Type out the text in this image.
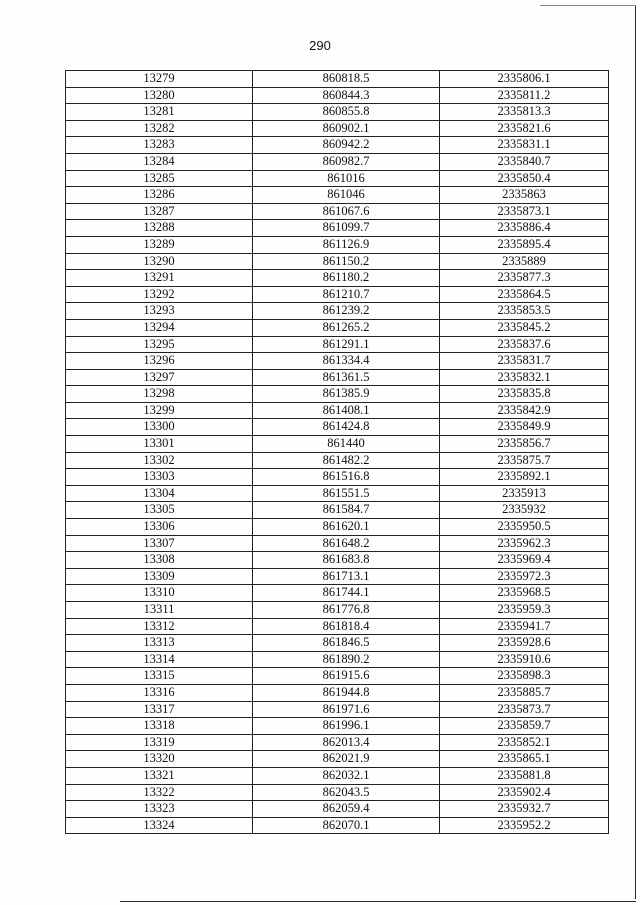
290
13279	860818.5	2335806.1
13280	860844.3	2335811.2
13281	860855.8	2335813.3
13282	860902.1	2335821.6
13283	860942.2	2335831.1
13284	860982.7	2335840.7
13285	861016	2335850.4
13286	861046	2335863
13287	861067.6	2335873.1
13288	861099.7	2335886.4
13289	861126.9	2335895.4
13290	861150.2	2335889
13291	861180.2	2335877.3
13292	861210.7	2335864.5
13293	861239.2	2335853.5
13294	861265.2	2335845.2
13295	861291.1	2335837.6
13296	861334.4	2335831.7
13297	861361.5	2335832.1
13298	861385.9	2335835.8
13299	861408.1	2335842.9
13300	861424.8	2335849.9
13301	861440	2335856.7
13302	861482.2	2335875.7
13303	861516.8	2335892.1
13304	861551.5	2335913
13305	861584.7	2335932
13306	861620.1	2335950.5
13307	861648.2	2335962.3
13308	861683.8	2335969.4
13309	861713.1	2335972.3
13310	861744.1	2335968.5
13311	861776.8	2335959.3
13312	861818.4	2335941.7
13313	861846.5	2335928.6
13314	861890.2	2335910.6
13315	861915.6	2335898.3
13316	861944.8	2335885.7
13317	861971.6	2335873.7
13318	861996.1	2335859.7
13319	862013.4	2335852.1
13320	862021.9	2335865.1
13321	862032.1	2335881.8
13322	862043.5	2335902.4
13323	862059.4	2335932.7
13324	862070.1	2335952.2
